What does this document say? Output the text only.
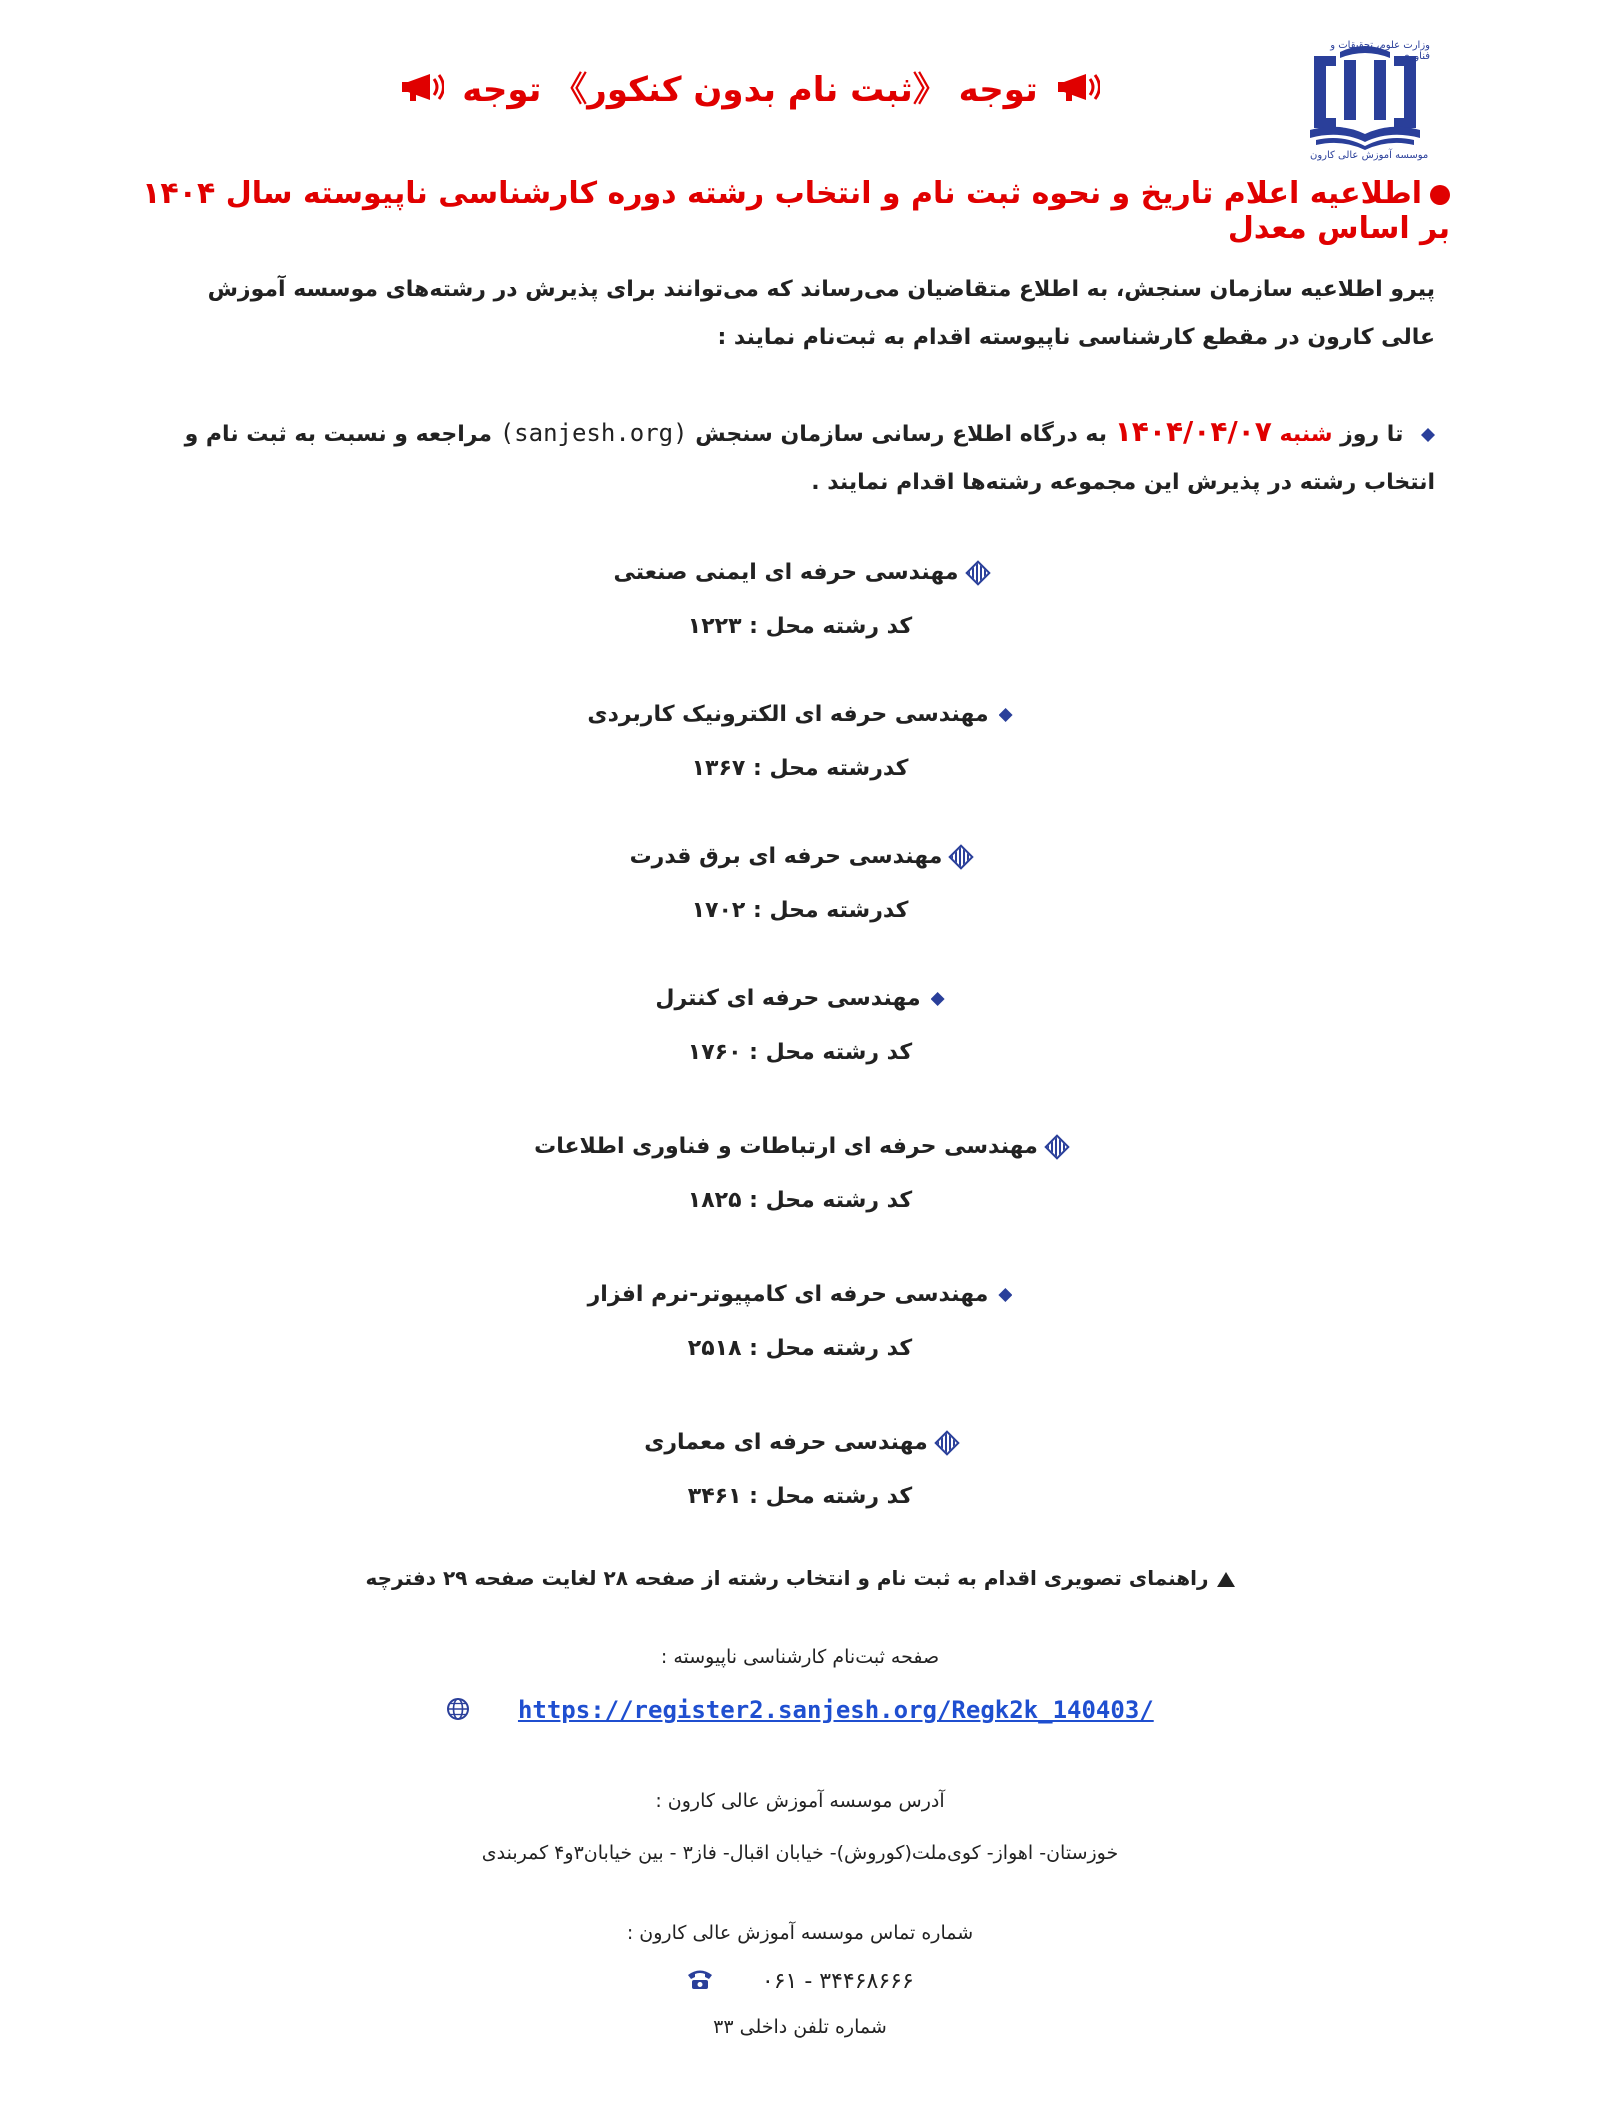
وزارت علوم، تحقیقات و فناوری
موسسه آموزش عالی کارون
توجه 《ثبت نام بدون کنکور》 توجه
اطلاعیه اعلام تاریخ و نحوه ثبت نام و انتخاب رشته دوره کارشناسی ناپیوسته سال ۱۴۰۴ بر اساس معدل

پیرو اطلاعیه سازمان سنجش، به اطلاع متقاضیان می‌رساند که می‌توانند برای پذیرش در رشته‌های موسسه آموزش عالی کارون در مقطع کارشناسی ناپیوسته اقدام به ثبت‌نام نمایند :

تا روز شنبه ۱۴۰۴/۰۴/۰۷ به درگاه اطلاع رسانی سازمان سنجش (sanjesh.org) مراجعه و نسبت به ثبت نام و انتخاب رشته در پذیرش این مجموعه رشته‌ها اقدام نمایند .

مهندسی حرفه ای ایمنی صنعتی

کد رشته محل : ۱۲۲۳

مهندسی حرفه ای الکترونیک کاربردی

کدرشته محل : ۱۳۶۷

مهندسی حرفه ای برق قدرت

کدرشته محل : ۱۷۰۲

مهندسی حرفه ای کنترل

کد رشته محل : ۱۷۶۰

مهندسی حرفه ای ارتباطات و فناوری اطلاعات

کد رشته محل : ۱۸۲۵

مهندسی حرفه ای کامپیوتر-نرم افزار

کد رشته محل : ۲۵۱۸

مهندسی حرفه ای معماری

کد رشته محل : ۳۴۶۱

راهنمای تصویری اقدام به ثبت نام و انتخاب رشته از صفحه ۲۸ لغایت صفحه ۲۹ دفترچه

صفحه ثبت‌نام کارشناسی ناپیوسته :

https://register2.sanjesh.org/Regk2k_140403/

آدرس موسسه آموزش عالی کارون :

خوزستان- اهواز- کوی‌ملت(کوروش)- خیابان اقبال- فاز۳ - بین خیابان۳و۴ کمربندی

شماره تماس موسسه آموزش عالی کارون :

۰۶۱ - ۳۴۴۶۸۶۶۶

شماره تلفن داخلی ۳۳
